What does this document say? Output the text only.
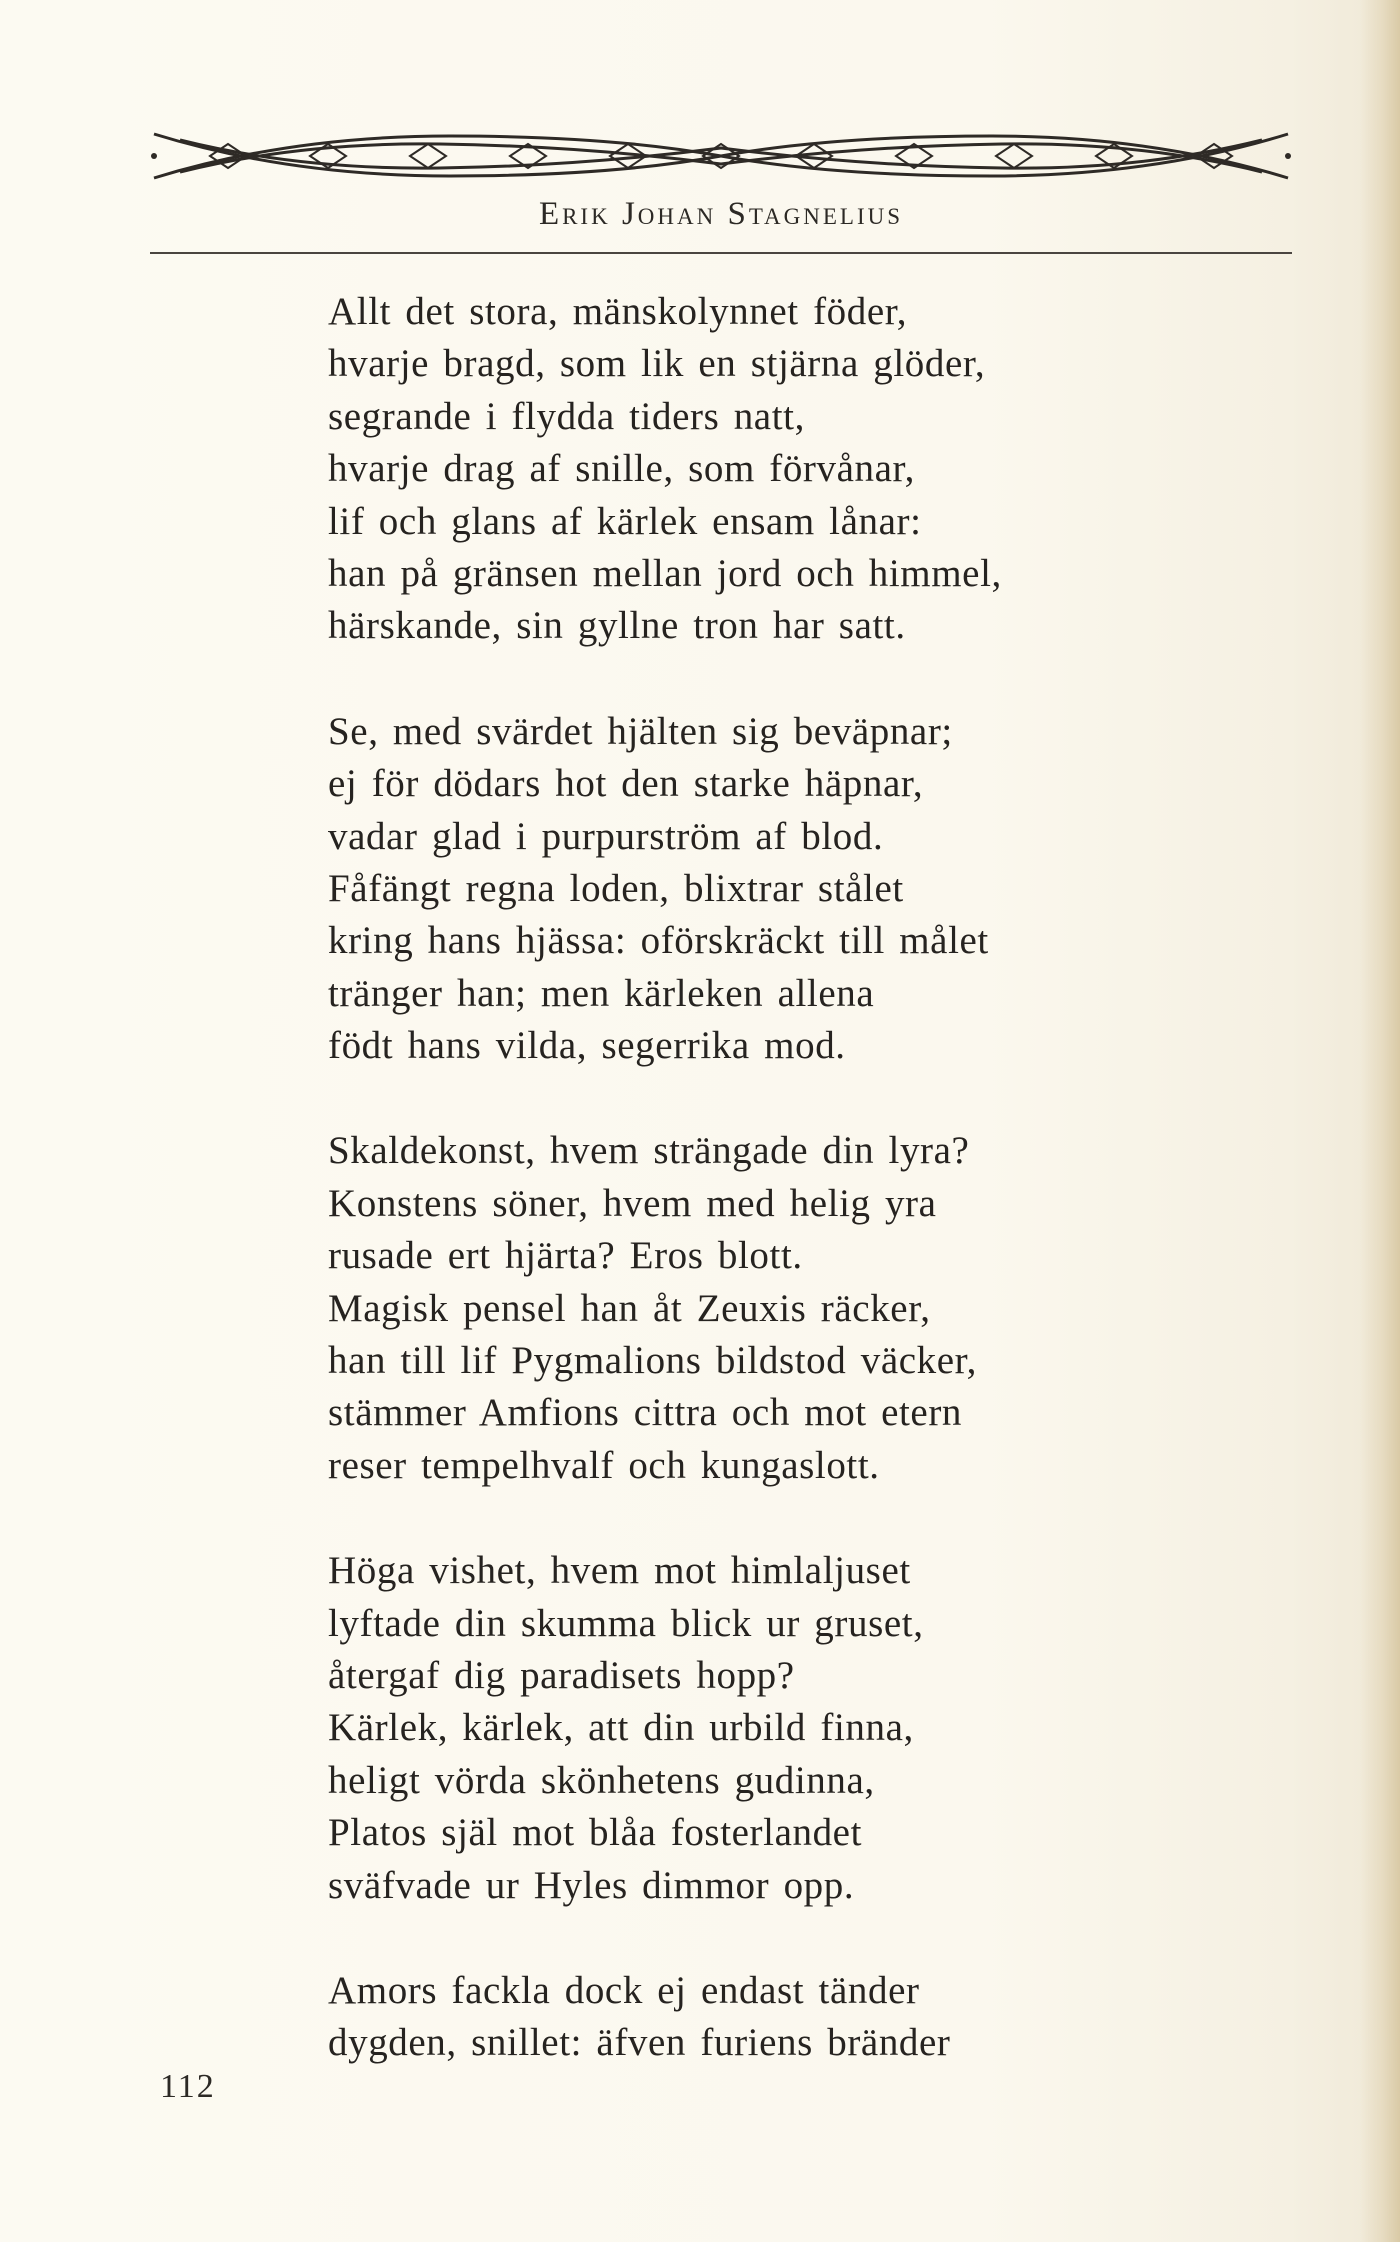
Erik Johan Stagnelius
Allt det stora, mänskolynnet föder,
hvarje bragd, som lik en stjärna glöder,
segrande i flydda tiders natt,
hvarje drag af snille, som förvånar,
lif och glans af kärlek ensam lånar:
han på gränsen mellan jord och himmel,
härskande, sin gyllne tron har satt.
Se, med svärdet hjälten sig beväpnar;
ej för dödars hot den starke häpnar,
vadar glad i purpurström af blod.
Fåfängt regna loden, blixtrar stålet
kring hans hjässa: oförskräckt till målet
tränger han; men kärleken allena
födt hans vilda, segerrika mod.
Skaldekonst, hvem strängade din lyra?
Konstens söner, hvem med helig yra
rusade ert hjärta? Eros blott.
Magisk pensel han åt Zeuxis räcker,
han till lif Pygmalions bildstod väcker,
stämmer Amfions cittra och mot etern
reser tempelhvalf och kungaslott.
Höga vishet, hvem mot himlaljuset
lyftade din skumma blick ur gruset,
återgaf dig paradisets hopp?
Kärlek, kärlek, att din urbild finna,
heligt vörda skönhetens gudinna,
Platos själ mot blåa fosterlandet
sväfvade ur Hyles dimmor opp.
Amors fackla dock ej endast tänder
dygden, snillet: äfven furiens bränder
112
